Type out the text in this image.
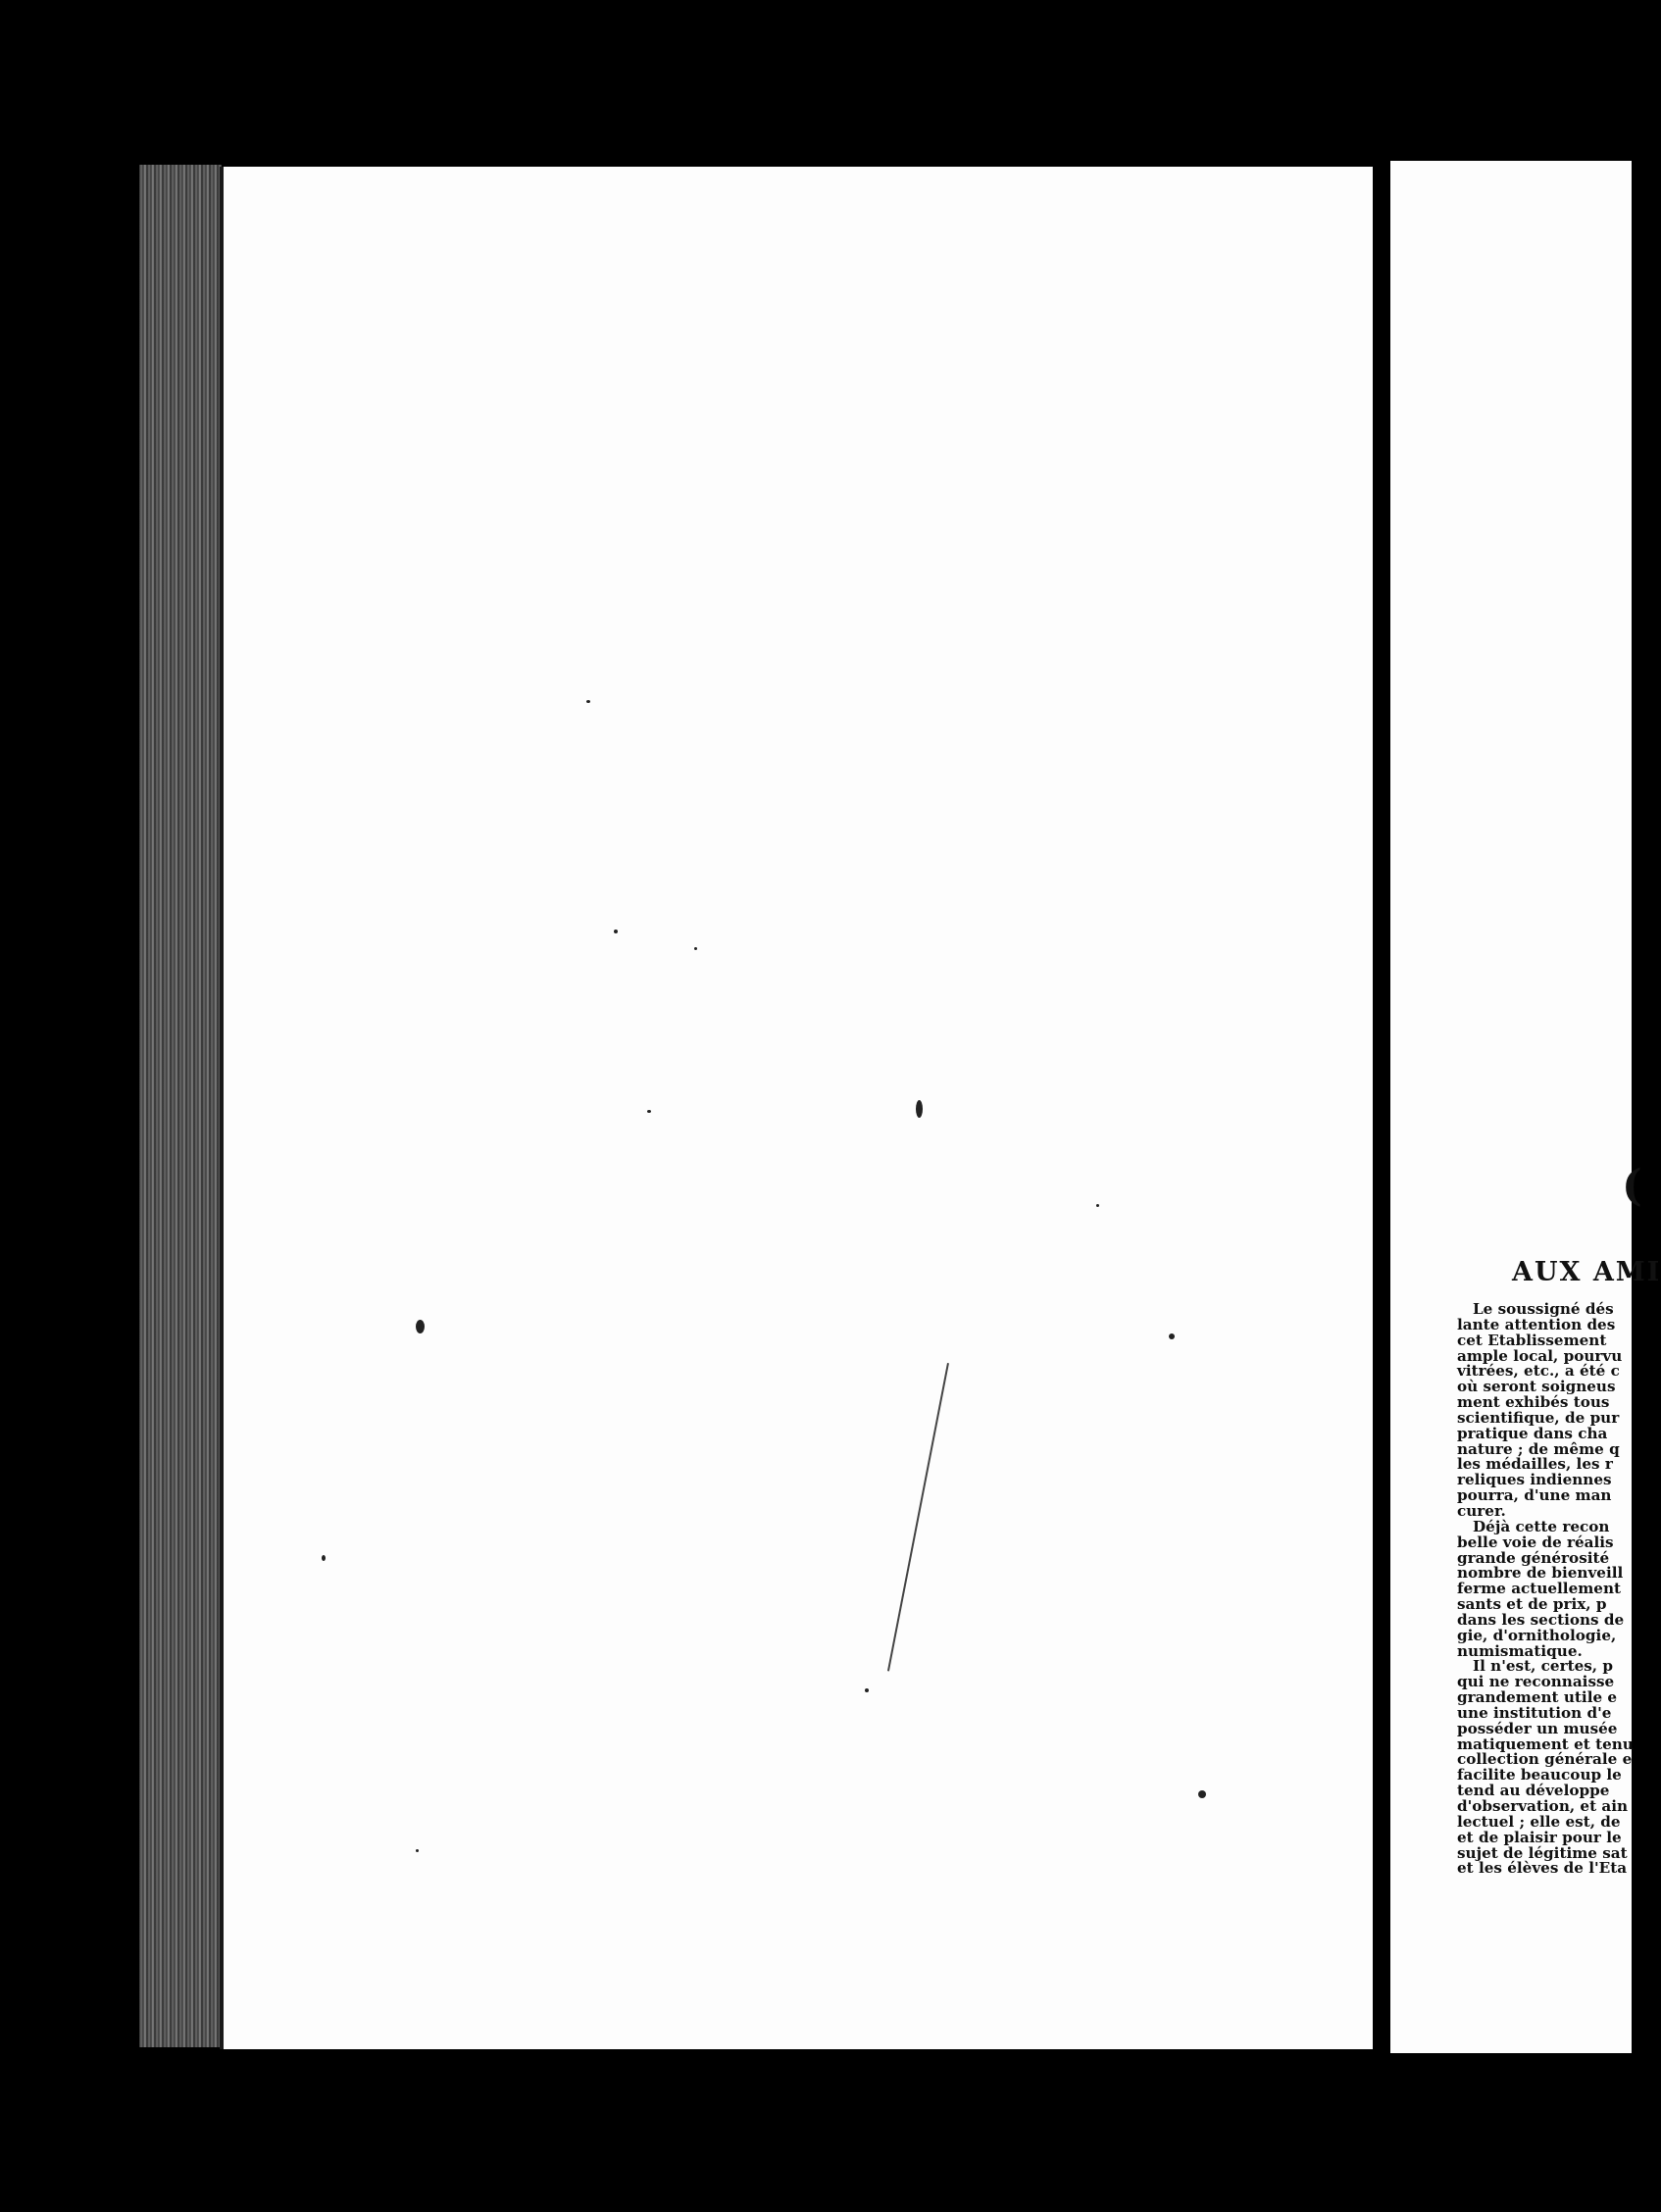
(
AUX AMI
Le soussigné dés
lante attention des
cet Etablissement
ample local, pourvu
vitrées, etc., a été c
où seront soigneus
ment exhibés tous
scientifique, de pur
pratique dans cha
nature ; de même q
les médailles, les r
reliques indiennes
pourra, d'une man
curer.
Déjà cette recon
belle voie de réalis
grande générosité
nombre de bienveill
ferme actuellement
sants et de prix, p
dans les sections de
gie, d'ornithologie,
numismatique.
Il n'est, certes, p
qui ne reconnaisse
grandement utile e
une institution d'e
posséder un musée
matiquement et tenu
collection générale e
facilite beaucoup le
tend au développe
d'observation, et ain
lectuel ; elle est, de
et de plaisir pour le
sujet de légitime sat
et les élèves de l'Eta
